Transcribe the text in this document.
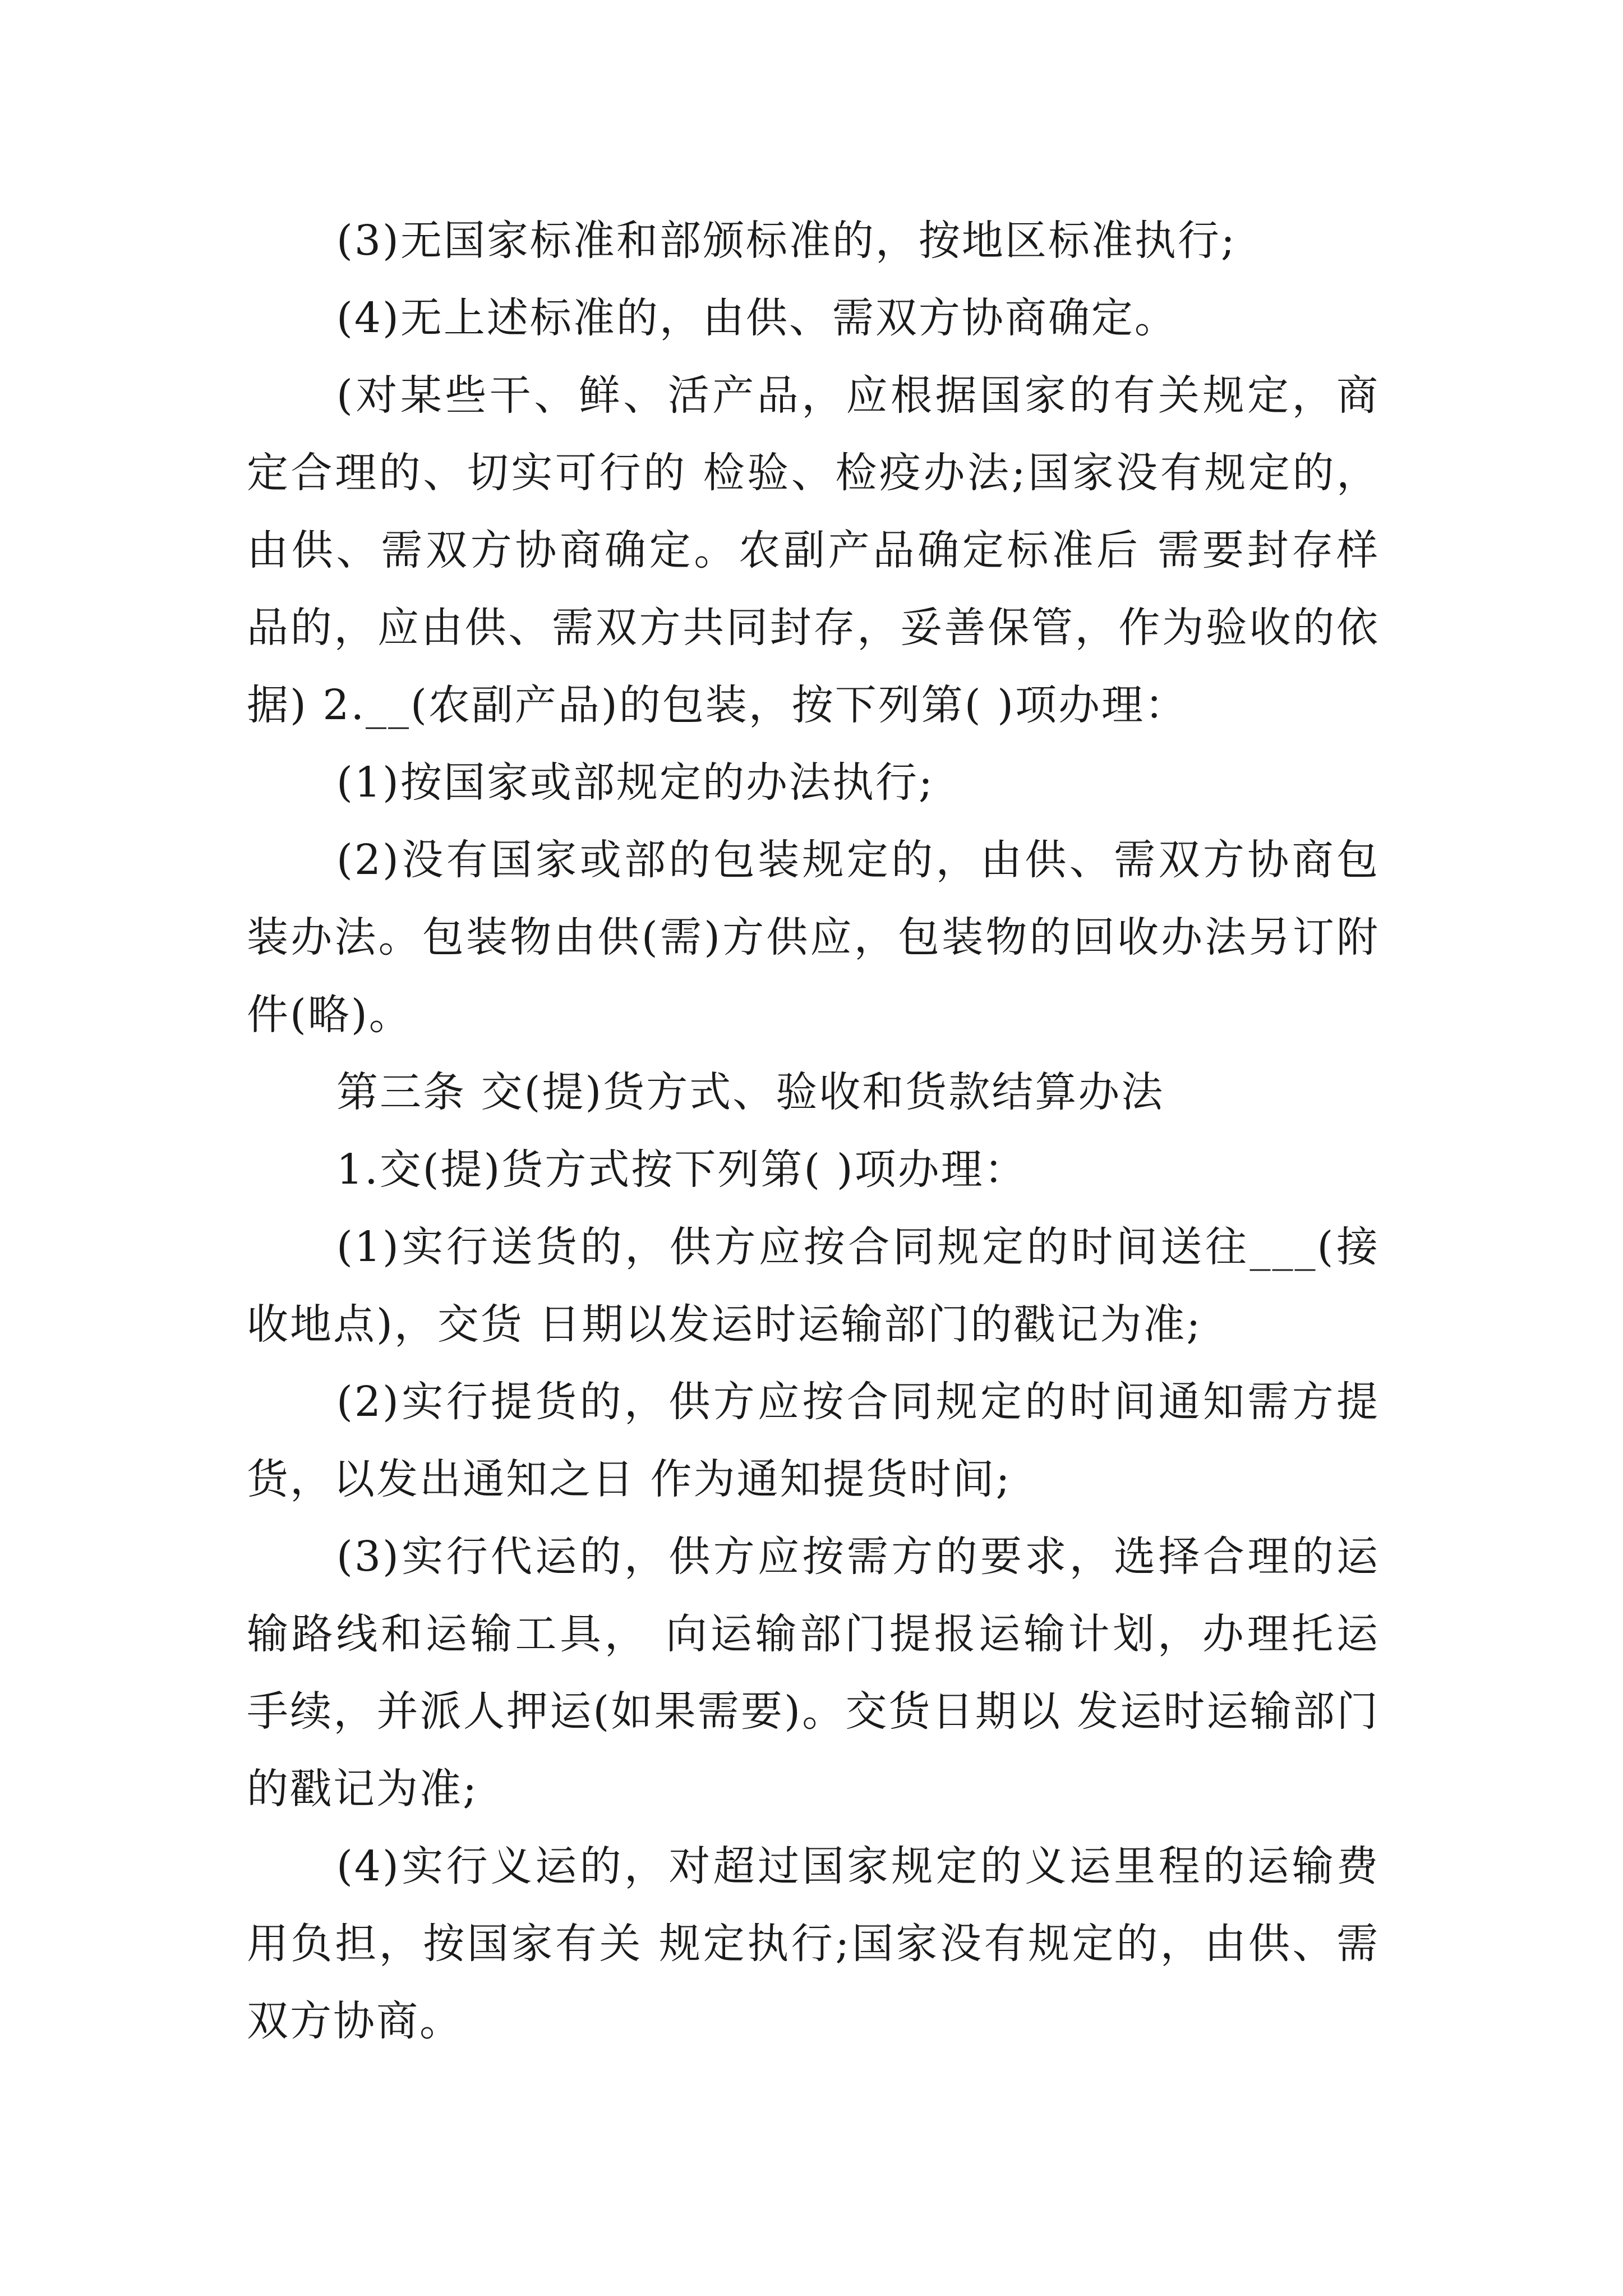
(3)无国家标准和部颁标准的，按地区标准执行;

(4)无上述标准的，由供、需双方协商确定。

(对某些干、鲜、活产品，应根据国家的有关规定，商定合理的、切实可行的 检验、检疫办法;国家没有规定的，由供、需双方协商确定。农副产品确定标准后 需要封存样品的，应由供、需双方共同封存，妥善保管，作为验收的依据) 2.__(农副产品)的包装，按下列第( )项办理：

(1)按国家或部规定的办法执行;

(2)没有国家或部的包装规定的，由供、需双方协商包装办法。包装物由供(需)方供应，包装物的回收办法另订附件(略)。

第三条 交(提)货方式、验收和货款结算办法

1.交(提)货方式按下列第( )项办理：

(1)实行送货的，供方应按合同规定的时间送往___(接收地点)，交货 日期以发运时运输部门的戳记为准;

(2)实行提货的，供方应按合同规定的时间通知需方提货，以发出通知之日 作为通知提货时间;

(3)实行代运的，供方应按需方的要求，选择合理的运输路线和运输工具， 向运输部门提报运输计划，办理托运手续，并派人押运(如果需要)。交货日期以 发运时运输部门的戳记为准;

(4)实行义运的，对超过国家规定的义运里程的运输费用负担，按国家有关 规定执行;国家没有规定的，由供、需双方协商。
